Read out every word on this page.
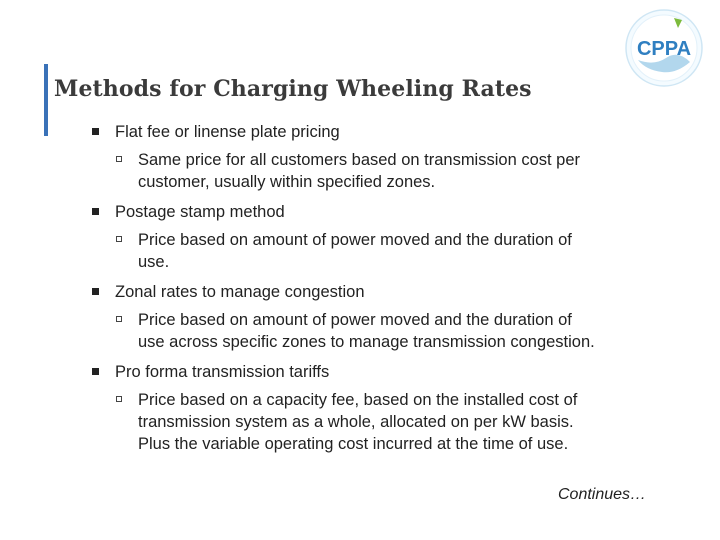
Methods for Charging Wheeling Rates
CPPA
Flat fee or linense plate pricing
Same price for all customers based on transmission cost per
customer, usually within specified zones.
Postage stamp method
Price based on amount of power moved and the duration of
use.
Zonal rates to manage congestion
Price based on amount of power moved and the duration of
use across specific zones to manage transmission congestion.
Pro forma transmission tariffs
Price based on a capacity fee, based on the installed cost of
transmission system as a whole, allocated on per kW basis.
Plus the variable operating cost incurred at the time of use.
Continues…
